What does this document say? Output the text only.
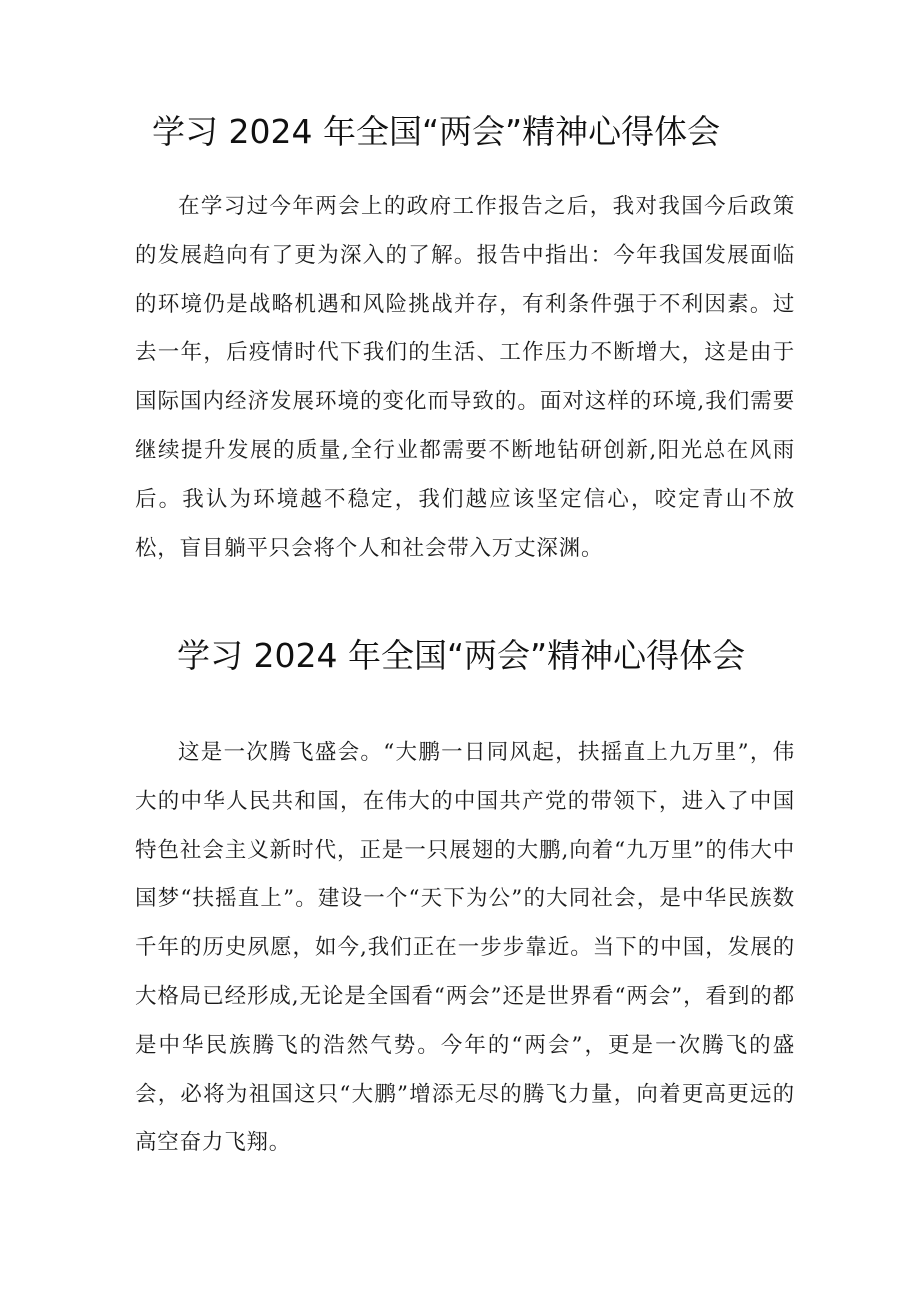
学习 2024 年全国“两会”精神心得体会

在学习过今年两会上的政府工作报告之后，我对我国今后政策的发展趋向有了更为深入的了解。报告中指出：今年我国发展面临的环境仍是战略机遇和风险挑战并存，有利条件强于不利因素。过去一年，后疫情时代下我们的生活、工作压力不断增大，这是由于国际国内经济发展环境的变化而导致的。面对这样的环境,我们需要继续提升发展的质量,全行业都需要不断地钻研创新,阳光总在风雨后。我认为环境越不稳定，我们越应该坚定信心，咬定青山不放松，盲目躺平只会将个人和社会带入万丈深渊。

学习 2024 年全国“两会”精神心得体会

这是一次腾飞盛会。“大鹏一日同风起，扶摇直上九万里”，伟大的中华人民共和国，在伟大的中国共产党的带领下，进入了中国特色社会主义新时代，正是一只展翅的大鹏,向着“九万里”的伟大中国梦“扶摇直上”。建设一个“天下为公”的大同社会，是中华民族数千年的历史夙愿，如今,我们正在一步步靠近。当下的中国，发展的大格局已经形成,无论是全国看“两会”还是世界看“两会”，看到的都是中华民族腾飞的浩然气势。今年的“两会”，更是一次腾飞的盛会，必将为祖国这只“大鹏”增添无尽的腾飞力量，向着更高更远的高空奋力飞翔。
